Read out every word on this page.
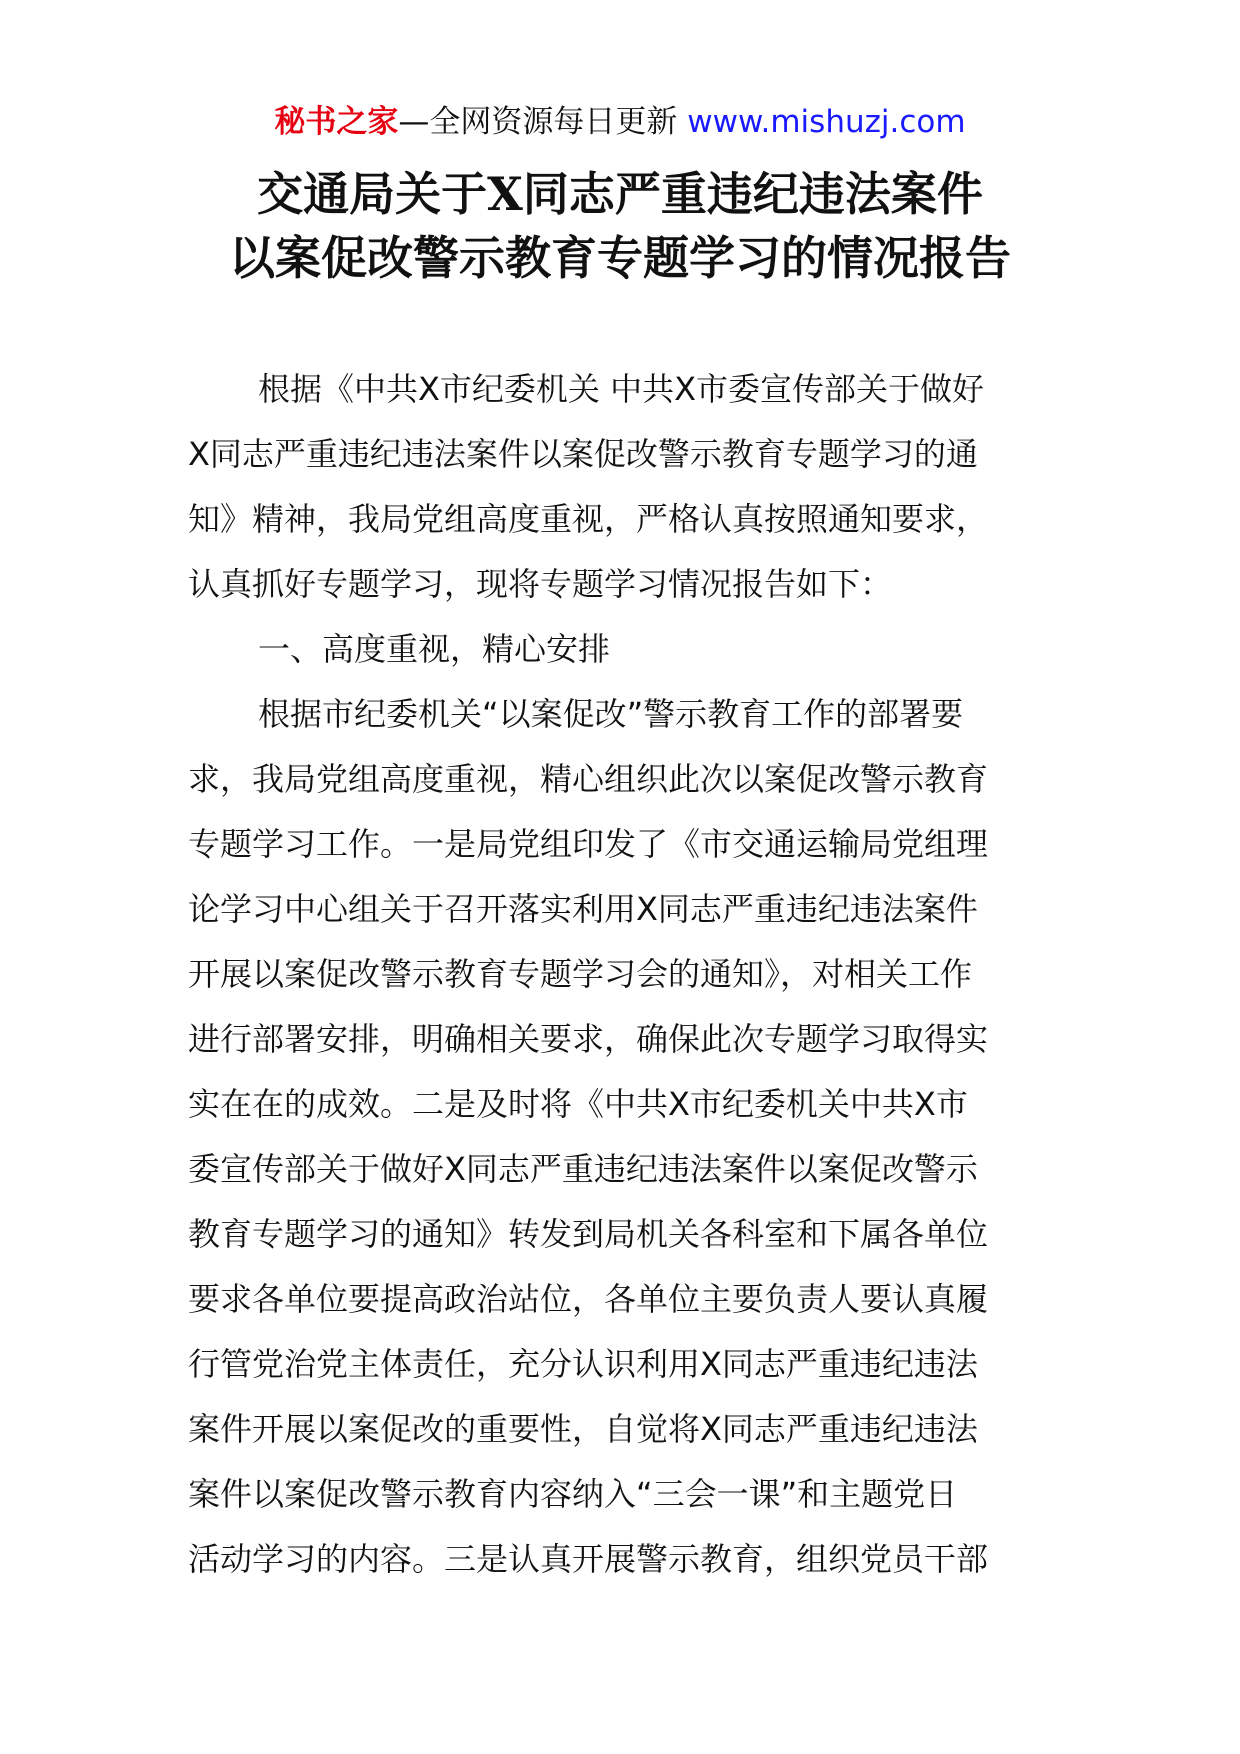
秘书之家—全网资源每日更新 www.mishuzj.com
交通局关于X同志严重违纪违法案件
以案促改警示教育专题学习的情况报告
根据《中共X市纪委机关 中共X市委宣传部关于做好
X同志严重违纪违法案件以案促改警示教育专题学习的通
知》精神，我局党组高度重视，严格认真按照通知要求，
认真抓好专题学习，现将专题学习情况报告如下：
一、高度重视，精心安排
根据市纪委机关“以案促改”警示教育工作的部署要
求，我局党组高度重视，精心组织此次以案促改警示教育
专题学习工作。一是局党组印发了《市交通运输局党组理
论学习中心组关于召开落实利用X同志严重违纪违法案件
开展以案促改警示教育专题学习会的通知》，对相关工作
进行部署安排，明确相关要求，确保此次专题学习取得实
实在在的成效。二是及时将《中共X市纪委机关中共X市
委宣传部关于做好X同志严重违纪违法案件以案促改警示
教育专题学习的通知》转发到局机关各科室和下属各单位
要求各单位要提高政治站位，各单位主要负责人要认真履
行管党治党主体责任，充分认识利用X同志严重违纪违法
案件开展以案促改的重要性，自觉将X同志严重违纪违法
案件以案促改警示教育内容纳入“三会一课”和主题党日
活动学习的内容。三是认真开展警示教育，组织党员干部
